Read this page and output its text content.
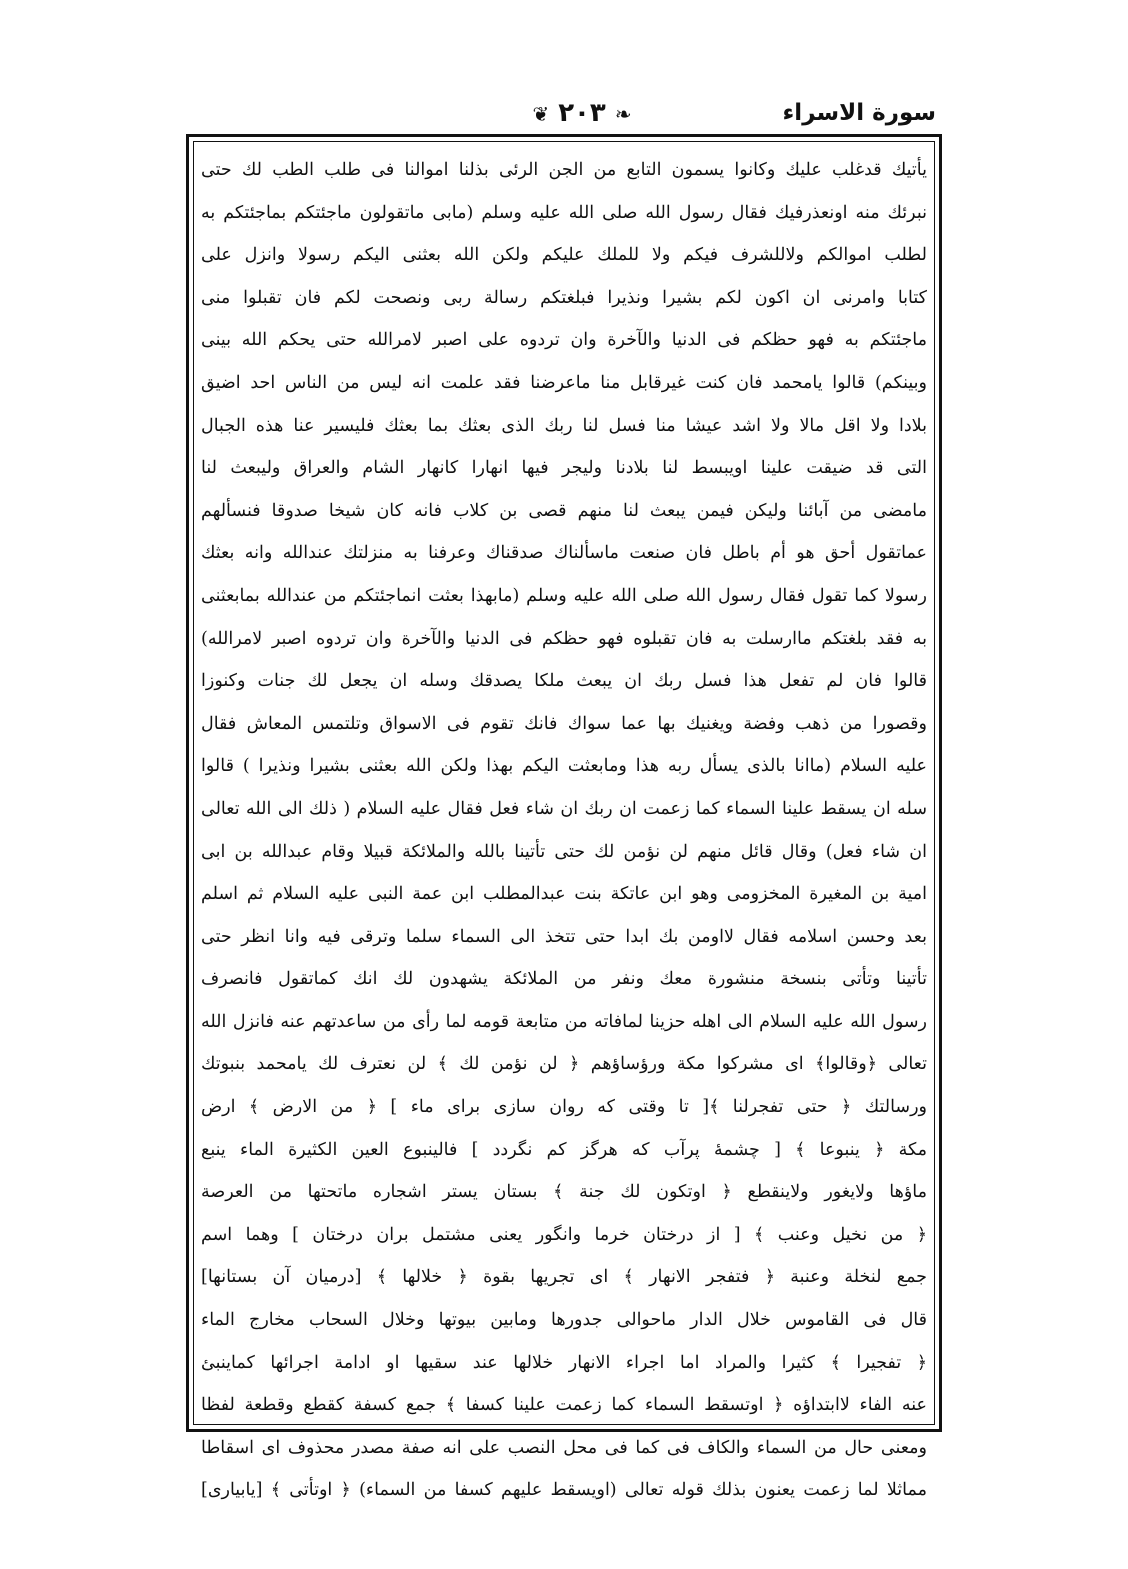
سورة الاسراء
❦ ٢٠٣ ❧
يأتيك قدغلب عليك وكانوا يسمون التابع من الجن الرئى بذلنا اموالنا فى طلب الطب لك حتى
نبرئك منه اونعذرفيك فقال رسول الله صلى الله عليه وسلم (مابى ماتقولون ماجئتكم بماجئتكم به
لطلب اموالكم ولاللشرف فيكم ولا للملك عليكم ولكن الله بعثنى اليكم رسولا وانزل على
كتابا وامرنى ان اكون لكم بشيرا ونذيرا فبلغتكم رسالة ربى ونصحت لكم فان تقبلوا منى
ماجئتكم به فهو حظكم فى الدنيا والآخرة وان تردوه على اصبر لامرالله حتى يحكم الله بينى
وبينكم) قالوا يامحمد فان كنت غيرقابل منا ماعرضنا فقد علمت انه ليس من الناس احد اضيق
بلادا ولا اقل مالا ولا اشد عيشا منا فسل لنا ربك الذى بعثك بما بعثك فليسير عنا هذه الجبال
التى قد ضيقت علينا اويبسط لنا بلادنا وليجر فيها انهارا كانهار الشام والعراق وليبعث لنا
مامضى من آبائنا وليكن فيمن يبعث لنا منهم قصى بن كلاب فانه كان شيخا صدوقا فنسألهم
عماتقول أحق هو أم باطل فان صنعت ماسألناك صدقناك وعرفنا به منزلتك عندالله وانه بعثك
رسولا كما تقول فقال رسول الله صلى الله عليه وسلم (مابهذا بعثت انماجئتكم من عندالله بمابعثنى
به فقد بلغتكم ماارسلت به فان تقبلوه فهو حظكم فى الدنيا والآخرة وان تردوه اصبر لامرالله)
قالوا فان لم تفعل هذا فسل ربك ان يبعث ملكا يصدقك وسله ان يجعل لك جنات وكنوزا
وقصورا من ذهب وفضة ويغنيك بها عما سواك فانك تقوم فى الاسواق وتلتمس المعاش فقال
عليه السلام (ماانا بالذى يسأل ربه هذا ومابعثت اليكم بهذا ولكن الله بعثنى بشيرا ونذيرا ) قالوا
سله ان يسقط علينا السماء كما زعمت ان ربك ان شاء فعل فقال عليه السلام ( ذلك الى الله تعالى
ان شاء فعل) وقال قائل منهم لن نؤمن لك حتى تأتينا بالله والملائكة قبيلا وقام عبدالله بن ابى
امية بن المغيرة المخزومى وهو ابن عاتكة بنت عبدالمطلب ابن عمة النبى عليه السلام ثم اسلم
بعد وحسن اسلامه فقال لااومن بك ابدا حتى تتخذ الى السماء سلما وترقى فيه وانا انظر حتى
تأتينا وتأتى بنسخة منشورة معك ونفر من الملائكة يشهدون لك انك كماتقول فانصرف
رسول الله عليه السلام الى اهله حزينا لمافاته من متابعة قومه لما رأى من ساعدتهم عنه فانزل الله
تعالى ﴿وقالوا﴾ اى مشركوا مكة ورؤساؤهم ﴿ لن نؤمن لك ﴾ لن نعترف لك يامحمد بنبوتك
ورسالتك ﴿ حتى تفجرلنا ﴾[ تا وقتى كه روان سازى براى ماء ] ﴿ من الارض ﴾ ارض
مكة ﴿ ينبوعا ﴾ [ چشمهٔ پرآب كه هرگز كم نگردد ] فالينبوع العين الكثيرة الماء ينبع
ماؤها ولايغور ولاينقطع ﴿ اوتكون لك جنة ﴾ بستان يستر اشجاره ماتحتها من العرصة
﴿ من نخيل وعنب ﴾ [ از درختان خرما وانگور يعنى مشتمل بران درختان ] وهما اسم
جمع لنخلة وعنبة ﴿ فتفجر الانهار ﴾ اى تجريها بقوة ﴿ خلالها ﴾ [درميان آن بستانها]
قال فى القاموس خلال الدار ماحوالى جدورها ومابين بيوتها وخلال السحاب مخارج الماء
﴿ تفجيرا ﴾ كثيرا والمراد اما اجراء الانهار خلالها عند سقيها او ادامة اجرائها كماينبئ
عنه الفاء لاابتداؤه ﴿ اوتسقط السماء كما زعمت علينا كسفا ﴾ جمع كسفة كقطع وقطعة لفظا
ومعنى حال من السماء والكاف فى كما فى محل النصب على انه صفة مصدر محذوف اى اسقاطا
مماثلا لما زعمت يعنون بذلك قوله تعالى (اويسقط عليهم كسفا من السماء) ﴿ اوتأتى ﴾ [يابيارى]
